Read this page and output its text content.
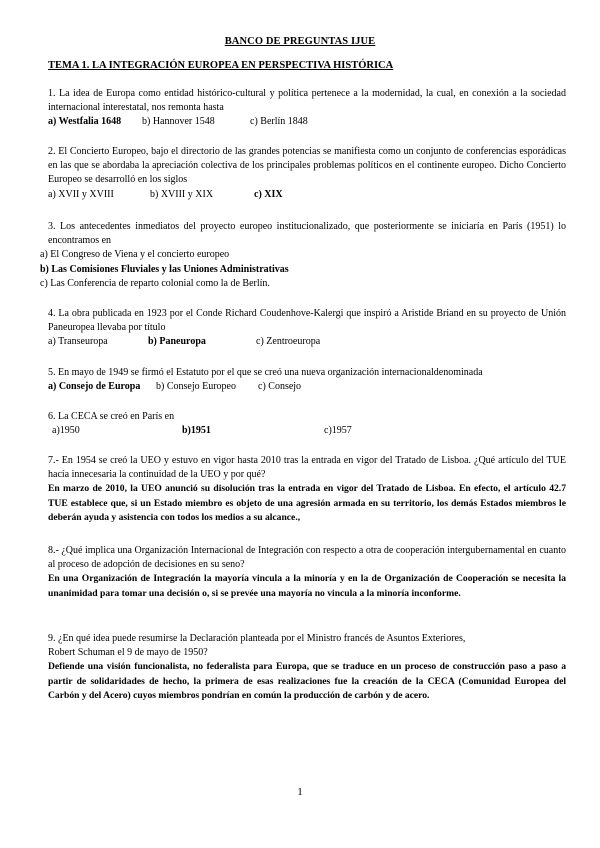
BANCO DE PREGUNTAS IJUE
TEMA 1. LA INTEGRACIÓN EUROPEA EN PERSPECTIVA HISTÓRICA
1. La idea de Europa como entidad histórico-cultural y política pertenece a la modernidad, la cual, en conexión a la sociedad internacional interestatal, nos remonta hasta
a) Westfalia 1648 b) Hannover 1548	c) Berlín 1848
2. El Concierto Europeo, bajo el directorio de las grandes potencias se manifiesta como un conjunto de conferencias esporádicas en las que se abordaba la apreciación colectiva de los principales problemas políticos en el continente europeo. Dicho Concierto Europeo se desarrolló en los siglos
a) XVII y XVIII	b) XVIII y XIX	c) XIX
3. Los antecedentes inmediatos del proyecto europeo institucionalizado, que posteriormente se iniciaría en París (1951) lo encontramos en
a) El Congreso de Viena y el concierto europeo
b) Las Comisiones Fluviales y las Uniones Administrativas
c) Las Conferencia de reparto colonial como la de Berlín.
4. La obra publicada en 1923 por el Conde Richard Coudenhove-Kalergi que inspiró a Aristide Briand en su proyecto de Unión Paneuropea llevaba por título
a) Transeuropa	b) Paneuropa	c) Zentroeuropa
5. En mayo de 1949 se firmó el Estatuto por el que se creó una nueva organización internacionaldenominada
a) Consejo de Europa b) Consejo Europeo c) Consejo
6. La CECA se creó en París en
a)1950	b)1951	c)1957
7.- En 1954 se creó la UEO y estuvo en vigor hasta 2010 tras la entrada en vigor del Tratado de Lisboa. ¿Qué artículo del TUE hacía innecesaria la continuidad de la UEO y por qué?
En marzo de 2010, la UEO anunció su disolución tras la entrada en vigor del Tratado de Lisboa. En efecto, el artículo 42.7 TUE establece que, si un Estado miembro es objeto de una agresión armada en su territorio, los demás Estados miembros le deberán ayuda y asistencia con todos los medios a su alcance.,
8.- ¿Qué implica una Organización Internacional de Integración con respecto a otra de cooperación intergubernamental en cuanto al proceso de adopción de decisiones en su seno?
En una Organización de Integración la mayoría vincula a la minoría y en la de Organización de Cooperación se necesita la unanimidad para tomar una decisión o, si se prevée una mayoría no vincula a la minoría inconforme.
9. ¿En qué idea puede resumirse la Declaración planteada por el Ministro francés de Asuntos Exteriores,
Robert Schuman el 9 de mayo de 1950?
Defiende una visión funcionalista, no federalista para Europa, que se traduce en un proceso de construcción paso a paso a partir de solidaridades de hecho, la primera de esas realizaciones fue la creación de la CECA (Comunidad Europea del Carbón y del Acero) cuyos miembros pondrían en común la producción de carbón y de acero.
1
